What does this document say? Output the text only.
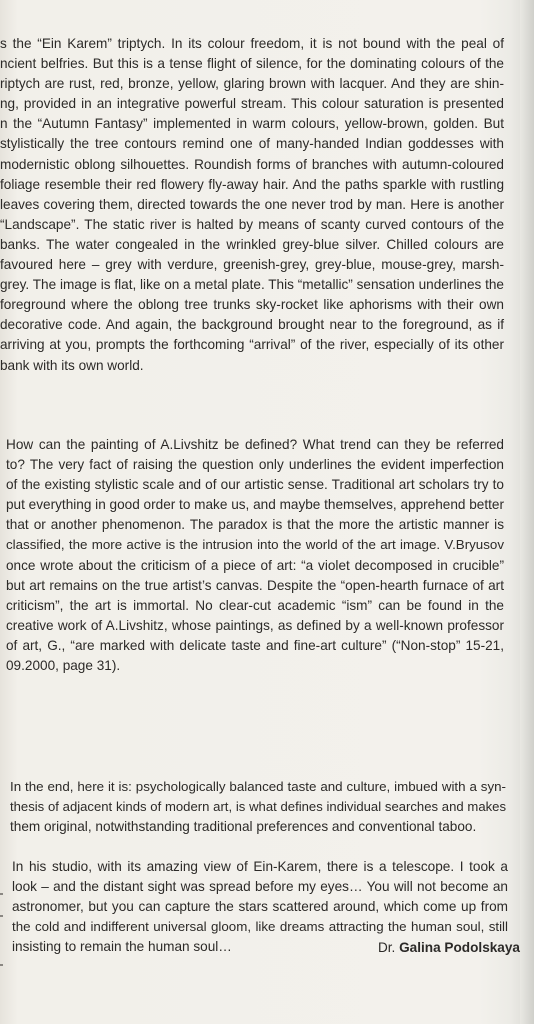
s the “Ein Karem” triptych. In its colour freedom, it is not bound with the peal of
ncient belfries. But this is a tense flight of silence, for the dominating colours of the
riptych are rust, red, bronze, yellow, glaring brown with lacquer. And they are shin-
ng, provided in an integrative powerful stream. This colour saturation is presented
n the “Autumn Fantasy” implemented in warm colours, yellow-brown, golden. But
stylistically the tree contours remind one of many-handed Indian goddesses with
modernistic oblong silhouettes. Roundish forms of branches with autumn-coloured
foliage resemble their red flowery fly-away hair. And the paths sparkle with rustling
leaves covering them, directed towards the one never trod by man. Here is another
“Landscape”. The static river is halted by means of scanty curved contours of the
banks. The water congealed in the wrinkled grey-blue silver. Chilled colours are
favoured here – grey with verdure, greenish-grey, grey-blue, mouse-grey, marsh-
grey. The image is flat, like on a metal plate. This “metallic” sensation underlines the
foreground where the oblong tree trunks sky-rocket like aphorisms with their own
decorative code. And again, the background brought near to the foreground, as if
arriving at you, prompts the forthcoming “arrival” of the river, especially of its other
bank with its own world.
How can the painting of A.Livshitz be defined? What trend can they be referred
to? The very fact of raising the question only underlines the evident imperfection
of the existing stylistic scale and of our artistic sense. Traditional art scholars try to
put everything in good order to make us, and maybe themselves, apprehend better
that or another phenomenon. The paradox is that the more the artistic manner is
classified, the more active is the intrusion into the world of the art image. V.Bryusov
once wrote about the criticism of a piece of art: “a violet decomposed in crucible”
but art remains on the true artist’s canvas. Despite the “open-hearth furnace of art
criticism”, the art is immortal. No clear-cut academic “ism” can be found in the
creative work of A.Livshitz, whose paintings, as defined by a well-known professor
of art, G., “are marked with delicate taste and fine-art culture” (“Non-stop” 15-21,
09.2000, page 31).
In the end, here it is: psychologically balanced taste and culture, imbued with a syn-
thesis of adjacent kinds of modern art, is what defines individual searches and makes
them original, notwithstanding traditional preferences and conventional taboo.
In his studio, with its amazing view of Ein-Karem, there is a telescope. I took a
look – and the distant sight was spread before my eyes… You will not become an
astronomer, but you can capture the stars scattered around, which come up from
the cold and indifferent universal gloom, like dreams attracting the human soul, still
insisting to remain the human soul…	Dr. Galina Podolskaya
